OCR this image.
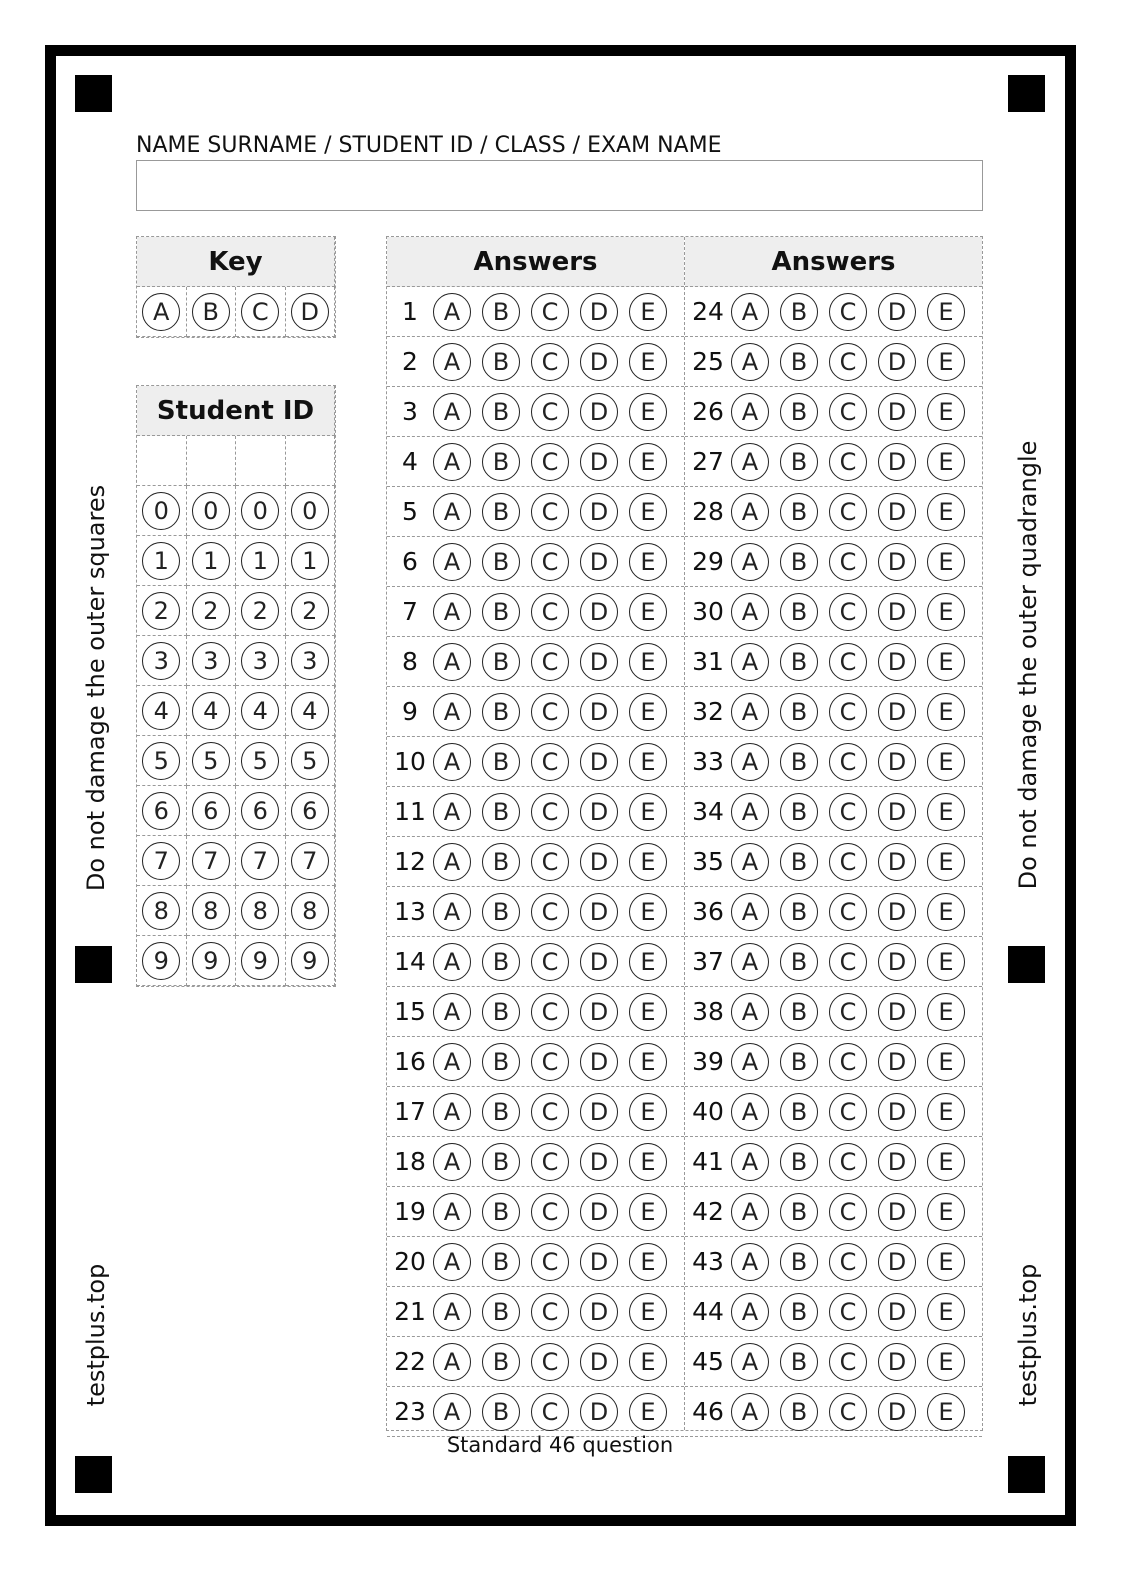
Do not damage the outer squares	Do not damage the outer quadrangle
testplus.top	testplus.top
NAME SURNAME / STUDENT ID / CLASS / EXAM NAME
Key
A	B	C	D
Student ID
0	0	0	0
1	1	1	1
2	2	2	2
3	3	3	3
4	4	4	4
5	5	5	5
6	6	6	6
7	7	7	7
8	8	8	8
9	9	9	9
Answers
1	A	B	C	D	E
2	A	B	C	D	E
3	A	B	C	D	E
4	A	B	C	D	E
5	A	B	C	D	E
6	A	B	C	D	E
7	A	B	C	D	E
8	A	B	C	D	E
9	A	B	C	D	E
10 A	B	C	D	E
11 A	B	C	D	E
12 A	B	C	D	E
13 A	B	C	D	E
14 A	B	C	D	E
15 A	B	C	D	E
16 A	B	C	D	E
17 A	B	C	D	E
18 A	B	C	D	E
19 A	B	C	D	E
20 A	B	C	D	E
21 A	B	C	D	E
22 A	B	C	D	E
23 A	B	C	D	E
Answers
24 A	B	C	D	E
25 A	B	C	D	E
26 A	B	C	D	E
27 A	B	C	D	E
28 A	B	C	D	E
29 A	B	C	D	E
30 A	B	C	D	E
31 A	B	C	D	E
32 A	B	C	D	E
33 A	B	C	D	E
34 A	B	C	D	E
35 A	B	C	D	E
36 A	B	C	D	E
37 A	B	C	D	E
38 A	B	C	D	E
39 A	B	C	D	E
40 A	B	C	D	E
41 A	B	C	D	E
42 A	B	C	D	E
43 A	B	C	D	E
44 A	B	C	D	E
45 A	B	C	D	E
46 A	B	C	D	E
Standard 46 question
